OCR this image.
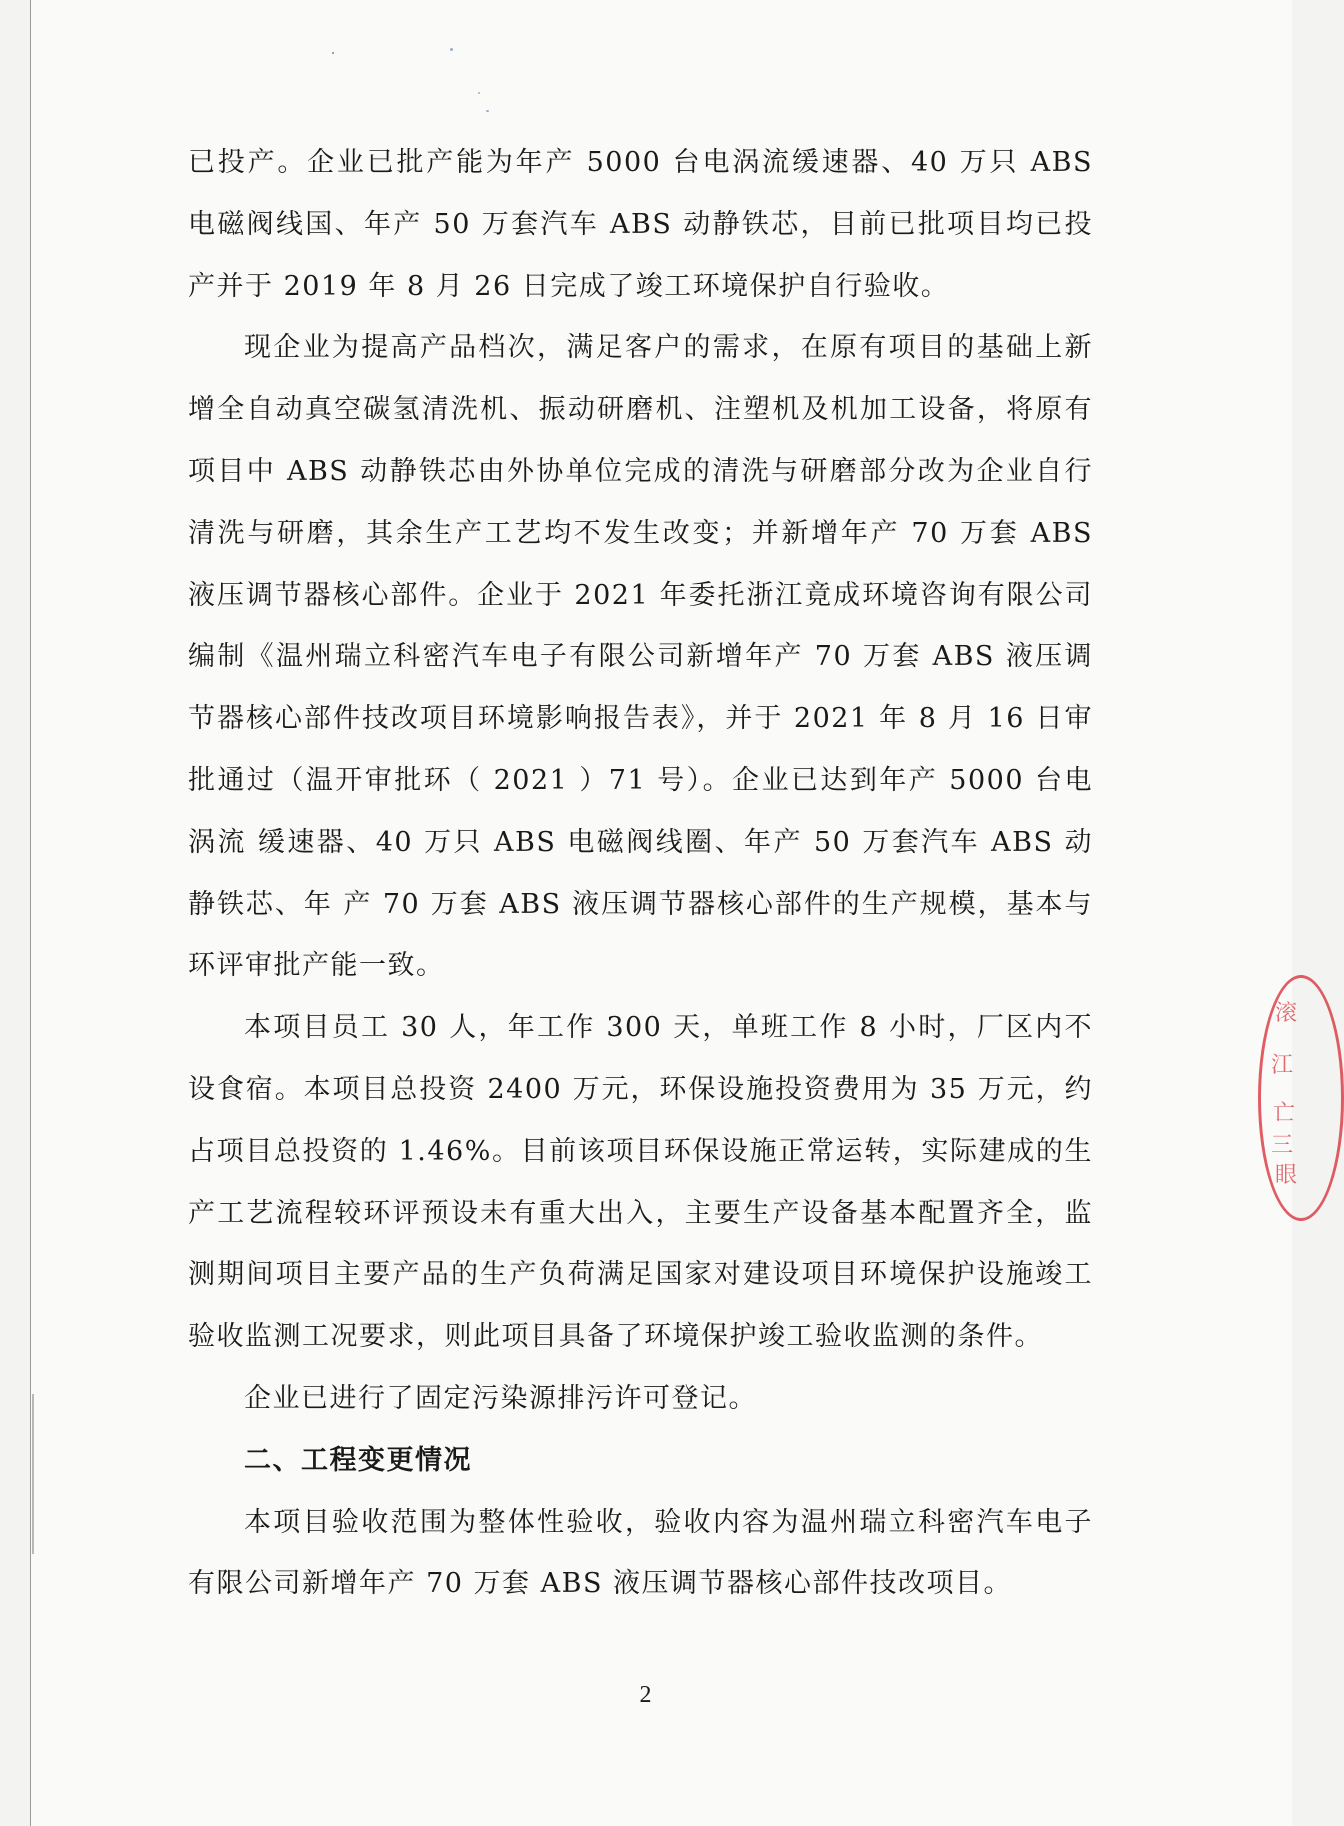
已投产。企业已批产能为年产 5000 台电涡流缓速器、40 万只 ABS 电磁阀线国、年产 50 万套汽车 ABS 动静铁芯，目前已批项目均已投产并于 2019 年 8 月 26 日完成了竣工环境保护自行验收。

现企业为提高产品档次，满足客户的需求，在原有项目的基础上新增全自动真空碳氢清洗机、振动研磨机、注塑机及机加工设备，将原有项目中 ABS 动静铁芯由外协单位完成的清洗与研磨部分改为企业自行清洗与研磨，其余生产工艺均不发生改变；并新增年产 70 万套 ABS 液压调节器核心部件。企业于 2021 年委托浙江竟成环境咨询有限公司编制《温州瑞立科密汽车电子有限公司新增年产 70 万套 ABS 液压调节器核心部件技改项目环境影响报告表》，并于 2021 年 8 月 16 日审批通过（温开审批环（ 2021 ）71 号）。企业已达到年产 5000 台电涡流 缓速器、40 万只 ABS 电磁阀线圈、年产 50 万套汽车 ABS 动静铁芯、年 产 70 万套 ABS 液压调节器核心部件的生产规模，基本与环评审批产能一致。

本项目员工 30 人，年工作 300 天，单班工作 8 小时，厂区内不设食宿。本项目总投资 2400 万元，环保设施投资费用为 35 万元，约占项目总投资的 1.46%。目前该项目环保设施正常运转，实际建成的生产工艺流程较环评预设未有重大出入，主要生产设备基本配置齐全，监测期间项目主要产品的生产负荷满足国家对建设项目环境保护设施竣工验收监测工况要求，则此项目具备了环境保护竣工验收监测的条件。

企业已进行了固定污染源排污许可登记。

二、工程变更情况

本项目验收范围为整体性验收，验收内容为温州瑞立科密汽车电子有限公司新增年产 70 万套 ABS 液压调节器核心部件技改项目。

2
滚
江
亡
三
眼
